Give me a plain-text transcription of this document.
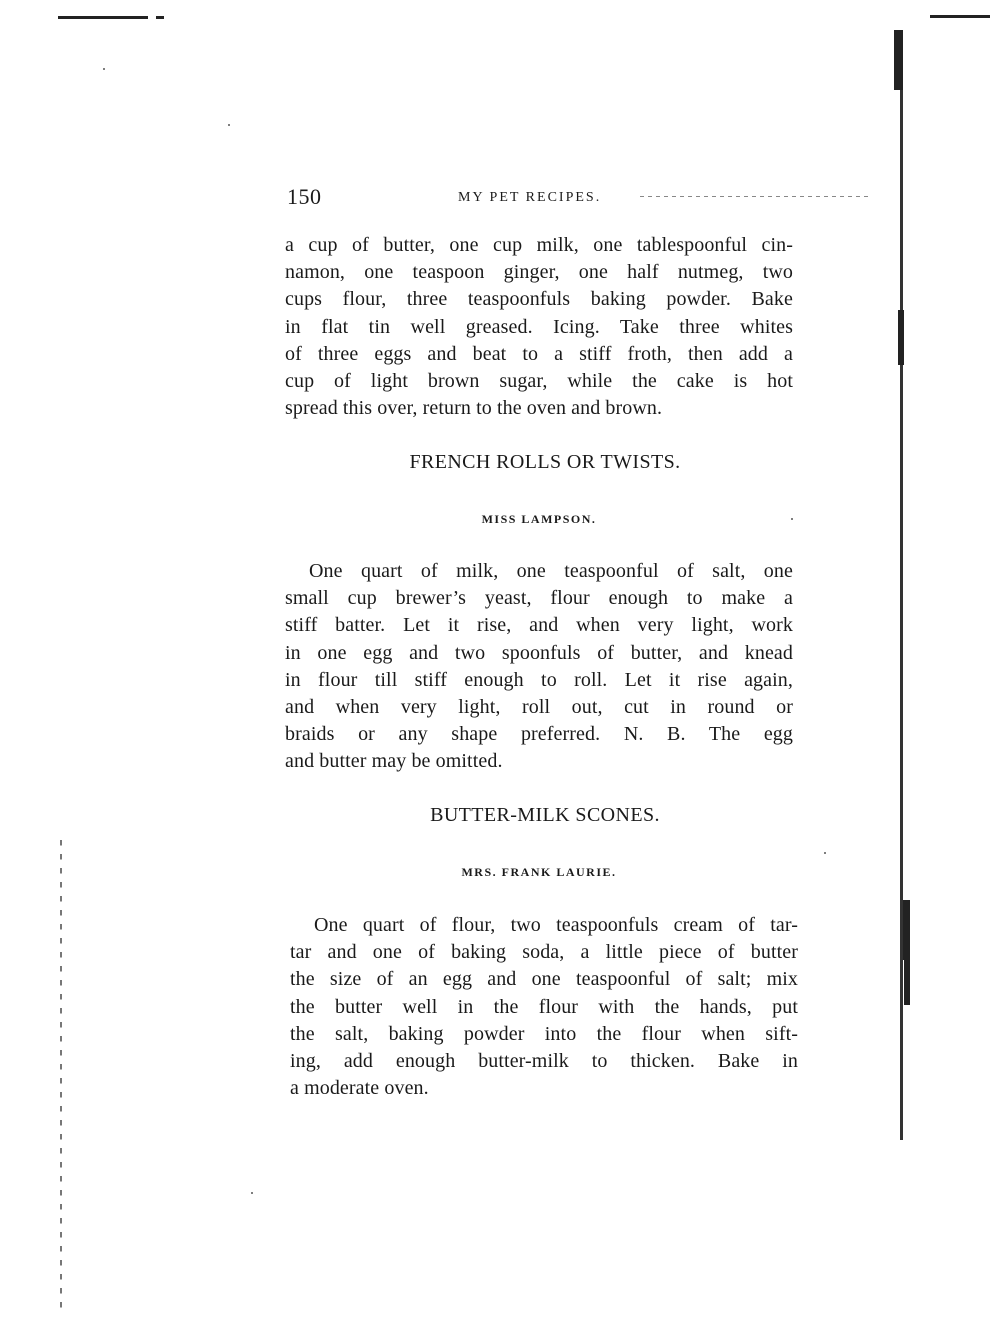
150	MY PET RECIPES.
a cup of butter, one cup milk, one tablespoonful cin-
namon, one teaspoon ginger, one half nutmeg, two
cups flour, three teaspoonfuls baking powder. Bake
in flat tin well greased. Icing. Take three whites
of three eggs and beat to a stiff froth, then add a
cup of light brown sugar, while the cake is hot
spread this over, return to the oven and brown.
FRENCH ROLLS OR TWISTS.
MISS LAMPSON.
One quart of milk, one teaspoonful of salt, one
small cup brewer’s yeast, flour enough to make a
stiff batter. Let it rise, and when very light, work
in one egg and two spoonfuls of butter, and knead
in flour till stiff enough to roll. Let it rise again,
and when very light, roll out, cut in round or
braids or any shape preferred. N. B. The egg
and butter may be omitted.
BUTTER-MILK SCONES.
MRS. FRANK LAURIE.
One quart of flour, two teaspoonfuls cream of tar-
tar and one of baking soda, a little piece of butter
the size of an egg and one teaspoonful of salt; mix
the butter well in the flour with the hands, put
the salt, baking powder into the flour when sift-
ing, add enough butter-milk to thicken. Bake in
a moderate oven.
